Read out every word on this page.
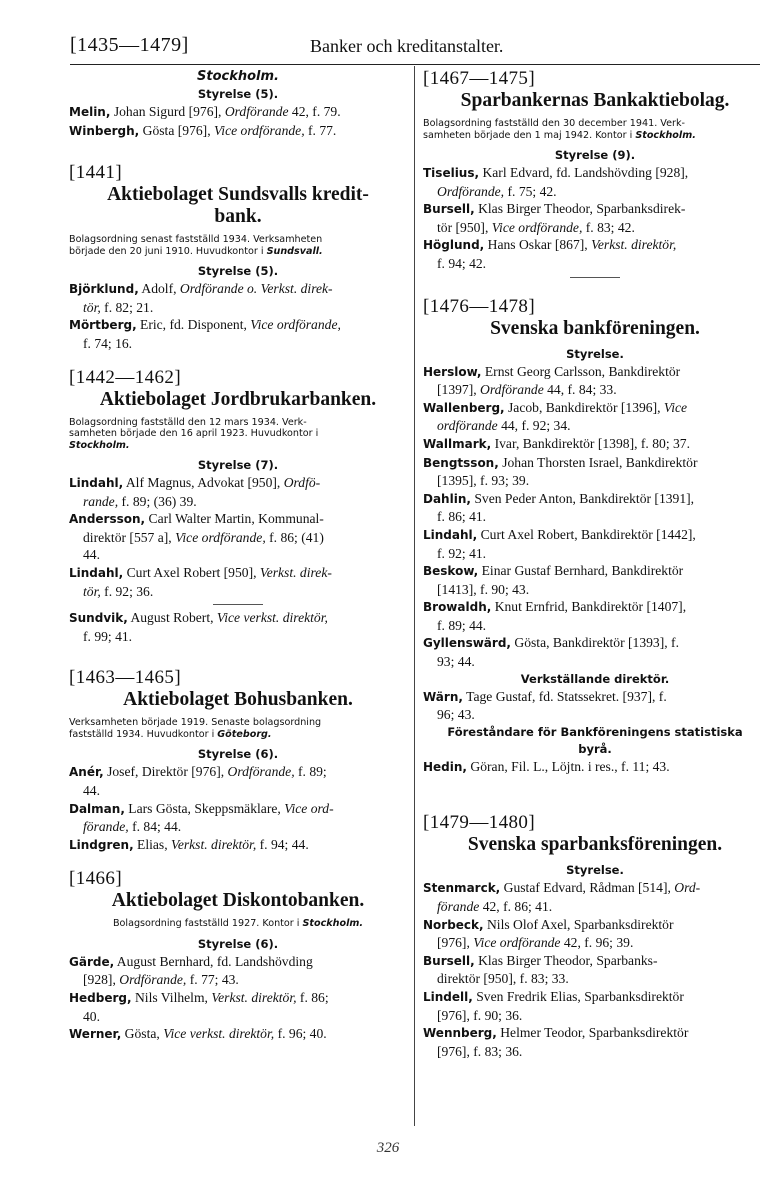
[1435—1479]	Banker och kreditanstalter.
Stockholm.
Styrelse (5).
Melin, Johan Sigurd [976], Ordförande 42, f. 79.
Winbergh, Gösta [976], Vice ordförande, f. 77.
[1441]
Aktiebolaget Sundsvalls kredit-
bank.
Bolagsordning senast fastställd 1934. Verksamheten
började den 20 juni 1910. Huvudkontor i Sundsvall.
Styrelse (5).
Björklund, Adolf, Ordförande o. Verkst. direk-
tör, f. 82; 21.
Mörtberg, Eric, fd. Disponent, Vice ordförande,
f. 74; 16.
[1442—1462]
Aktiebolaget Jordbrukarbanken.
Bolagsordning fastställd den 12 mars 1934. Verk-
samheten började den 16 april 1923. Huvudkontor i
Stockholm.
Styrelse (7).
Lindahl, Alf Magnus, Advokat [950], Ordfö-
rande, f. 89; (36) 39.
Andersson, Carl Walter Martin, Kommunal-
direktör [557 a], Vice ordförande, f. 86; (41)
44.
Lindahl, Curt Axel Robert [950], Verkst. direk-
tör, f. 92; 36.
Sundvik, August Robert, Vice verkst. direktör,
f. 99; 41.
[1463—1465]
Aktiebolaget Bohusbanken.
Verksamheten började 1919. Senaste bolagsordning
fastställd 1934. Huvudkontor i Göteborg.
Styrelse (6).
Anér, Josef, Direktör [976], Ordförande, f. 89;
44.
Dalman, Lars Gösta, Skeppsmäklare, Vice ord-
förande, f. 84; 44.
Lindgren, Elias, Verkst. direktör, f. 94; 44.
[1466]
Aktiebolaget Diskontobanken.
Bolagsordning fastställd 1927. Kontor i Stockholm.
Styrelse (6).
Gärde, August Bernhard, fd. Landshövding
[928], Ordförande, f. 77; 43.
Hedberg, Nils Vilhelm, Verkst. direktör, f. 86;
40.
Werner, Gösta, Vice verkst. direktör, f. 96; 40.
[1467—1475]
Sparbankernas Bankaktiebolag.
Bolagsordning fastställd den 30 december 1941. Verk-
samheten började den 1 maj 1942. Kontor i Stockholm.
Styrelse (9).
Tiselius, Karl Edvard, fd. Landshövding [928],
Ordförande, f. 75; 42.
Bursell, Klas Birger Theodor, Sparbanksdirek-
tör [950], Vice ordförande, f. 83; 42.
Höglund, Hans Oskar [867], Verkst. direktör,
f. 94; 42.
[1476—1478]
Svenska bankföreningen.
Styrelse.
Herslow, Ernst Georg Carlsson, Bankdirektör
[1397], Ordförande 44, f. 84; 33.
Wallenberg, Jacob, Bankdirektör [1396], Vice
ordförande 44, f. 92; 34.
Wallmark, Ivar, Bankdirektör [1398], f. 80; 37.
Bengtsson, Johan Thorsten Israel, Bankdirektör
[1395], f. 93; 39.
Dahlin, Sven Peder Anton, Bankdirektör [1391],
f. 86; 41.
Lindahl, Curt Axel Robert, Bankdirektör [1442],
f. 92; 41.
Beskow, Einar Gustaf Bernhard, Bankdirektör
[1413], f. 90; 43.
Browaldh, Knut Ernfrid, Bankdirektör [1407],
f. 89; 44.
Gyllenswärd, Gösta, Bankdirektör [1393], f.
93; 44.
Verkställande direktör.
Wärn, Tage Gustaf, fd. Statssekret. [937], f.
96; 43.
Föreståndare för Bankföreningens statistiska
byrå.
Hedin, Göran, Fil. L., Löjtn. i res., f. 11; 43.
[1479—1480]
Svenska sparbanksföreningen.
Styrelse.
Stenmarck, Gustaf Edvard, Rådman [514], Ord-
förande 42, f. 86; 41.
Norbeck, Nils Olof Axel, Sparbanksdirektör
[976], Vice ordförande 42, f. 96; 39.
Bursell, Klas Birger Theodor, Sparbanks-
direktör [950], f. 83; 33.
Lindell, Sven Fredrik Elias, Sparbanksdirektör
[976], f. 90; 36.
Wennberg, Helmer Teodor, Sparbanksdirektör
[976], f. 83; 36.
326
